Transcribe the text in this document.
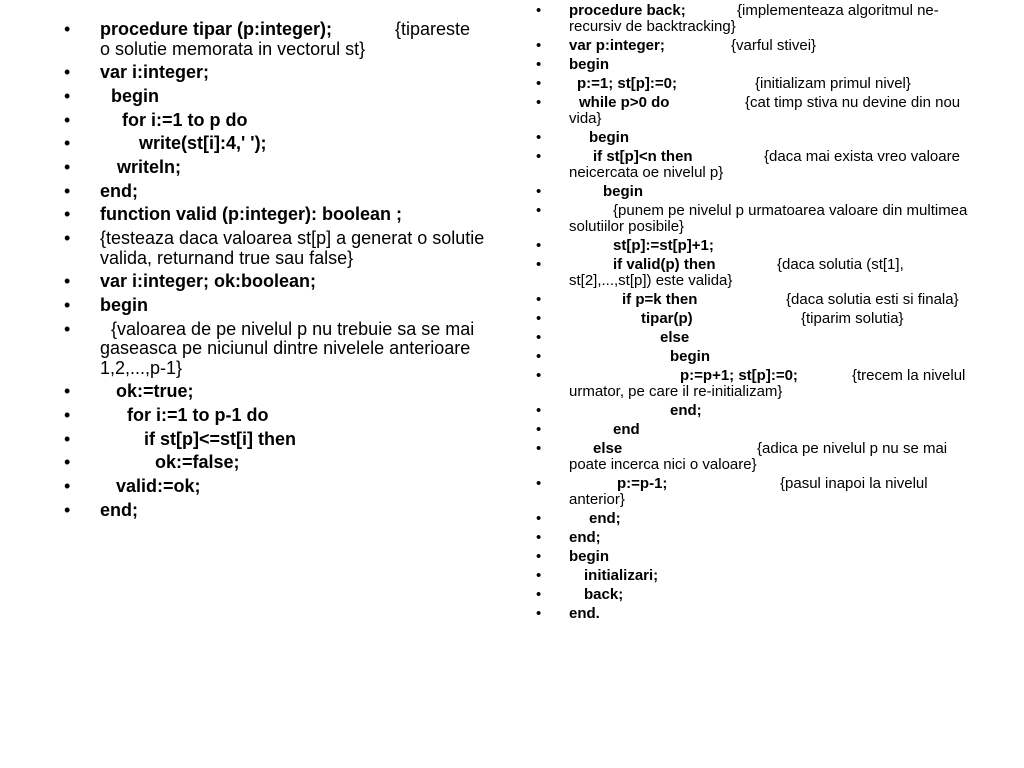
• procedure tipar (p:integer);	{tipareste o solutie memorata in vectorul st}
• var i:integer;
• begin
•	for i:=1 to p do
•	write(st[i]:4,' ');
•	writeln;
• end;
• function valid (p:integer): boolean ;
• {testeaza daca valoarea st[p] a generat o solutie valida, returnand true sau false}
• var i:integer; ok:boolean;
• begin
• {valoarea de pe nivelul p nu trebuie sa se mai gaseasca pe niciunul dintre nivelele anterioare 1,2,...,p-1}
•	ok:=true;
•	for i:=1 to p-1 do
•	if st[p]<=st[i] then
•	ok:=false;
•	valid:=ok;
• end;
• procedure back;	{implementeaza algoritmul ne-recursiv de backtracking}
• var p:integer;	{varful stivei}
• begin
• p:=1; st[p]:=0;	{initializam primul nivel}
•	while p>0 do	{cat timp stiva nu devine din nou vida}
•	begin
•	if st[p]<n then	{daca mai exista vreo valoare neicercata oe nivelul p}
•	begin
•	{punem pe nivelul p urmatoarea valoare din multimea solutiilor posibile}
•	st[p]:=st[p]+1;
•	if valid(p) then	{daca solutia (st[1], st[2],...,st[p]) este valida}
•	if p=k then	{daca solutia esti si finala}
•	tipar(p)	{tiparim solutia}
•	else
•	begin
•	p:=p+1; st[p]:=0;	{trecem la nivelul urmator, pe care il re-initializam}
•	end;
•	end
•	else	{adica pe nivelul p nu se mai poate incerca nici o valoare}
•	p:=p-1;	{pasul inapoi la nivelul anterior}
•	end;
• end;
• begin
•	initializari;
•	back;
• end.
